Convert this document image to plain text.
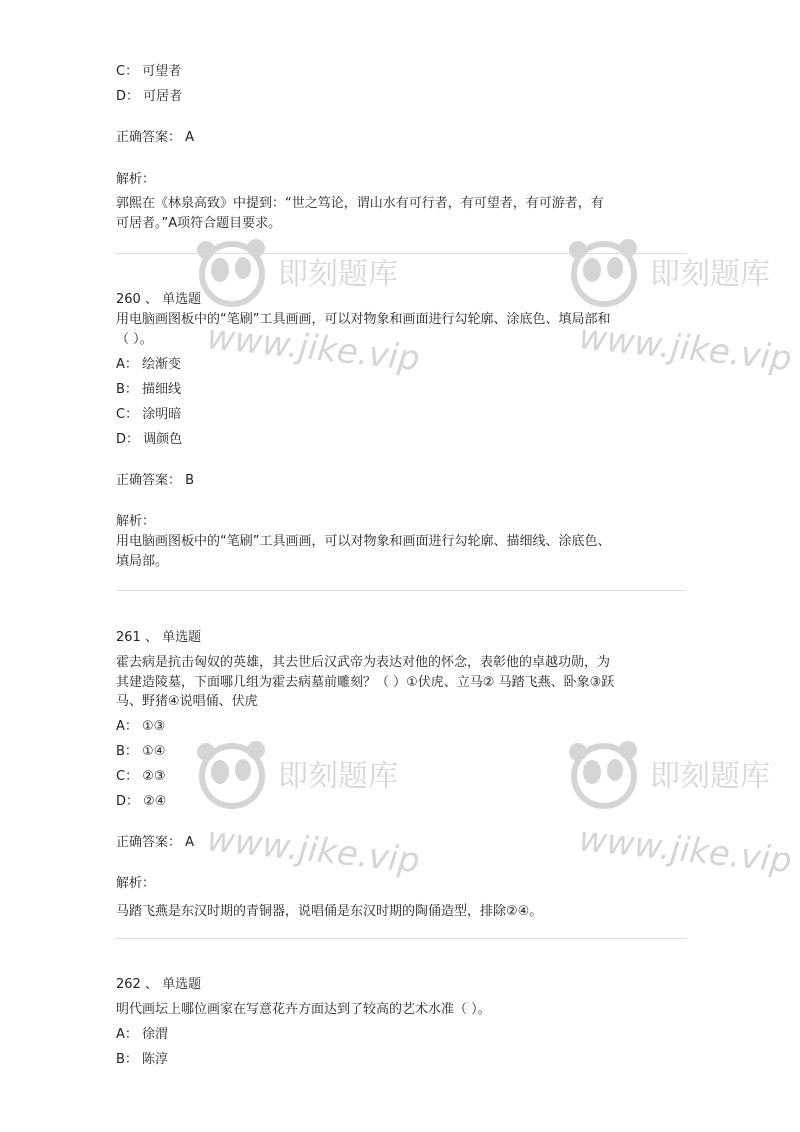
即刻题库
www.jike.vip
即刻题库
www.jike.vip
即刻题库
www.jike.vip
即刻题库
www.jike.vip
C： 可望者
D： 可居者
正确答案： A
解析：
郭熙在《林泉高致》中提到：“世之笃论，谓山水有可行者，有可望者，有可游者，有
可居者。”A项符合题目要求。
260 、 单选题
用电脑画图板中的“笔刷”工具画画，可以对物象和画面进行勾轮廓、涂底色、填局部和
（ ）。
A： 绘渐变
B： 描细线
C： 涂明暗
D： 调颜色
正确答案： B
解析：
用电脑画图板中的“笔刷”工具画画，可以对物象和画面进行勾轮廓、描细线、涂底色、
填局部。
261 、 单选题
霍去病是抗击匈奴的英雄，其去世后汉武帝为表达对他的怀念，表彰他的卓越功勋，为
其建造陵墓，下面哪几组为霍去病墓前雕刻？（ ）①伏虎、立马② 马踏飞燕、卧象③跃
马、野猪④说唱俑、伏虎
A： ①③
B： ①④
C： ②③
D： ②④
正确答案： A
解析：
马踏飞燕是东汉时期的青铜器，说唱俑是东汉时期的陶俑造型，排除②④。
262 、 单选题
明代画坛上哪位画家在写意花卉方面达到了较高的艺术水准（ ）。
A： 徐渭
B： 陈淳
